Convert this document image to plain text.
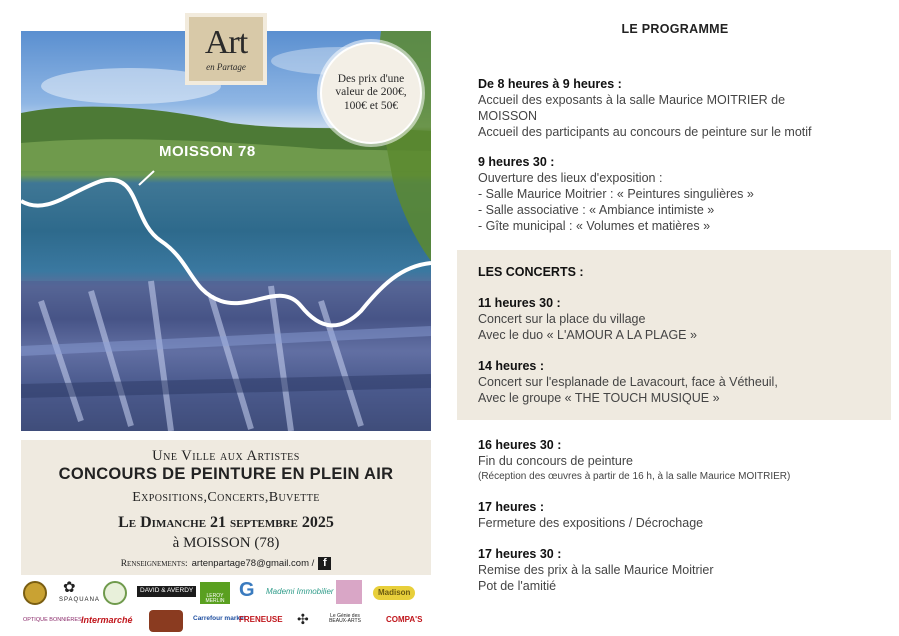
Art
en Partage
Des prix d'une valeur de 200€, 100€ et 50€
MOISSON 78
Une Ville aux Artistes
CONCOURS DE PEINTURE EN PLEIN AIR
Expositions,Concerts,Buvette
Le Dimanche 21 septembre 2025
à MOISSON (78)
Renseignements: artenpartage78@gmail.com / f
✿
SPAQUANA
DAVID & AVERDY
LEROY MERLIN G Mademi Immobilier	Madison
OPTIQUE BONNIÈRES Intermarché	Carrefour market
FRENEUSE ✣	Le Génie des BEAUX-ARTS	COMPA'S
LE PROGRAMME
De 8 heures à 9 heures :
Accueil des exposants à la salle Maurice MOITRIER de
MOISSON
Accueil des participants au concours de peinture sur le motif
9 heures 30 :
Ouverture des lieux d'exposition :
- Salle Maurice Moitrier : « Peintures singulières »
- Salle associative : « Ambiance intimiste »
- Gîte municipal : « Volumes et matières »
LES CONCERTS :
11 heures 30 :
Concert sur la place du village
Avec le duo « L'AMOUR A LA PLAGE »
14 heures :
Concert sur l'esplanade de Lavacourt, face à Vétheuil,
Avec le groupe « THE TOUCH MUSIQUE »
16 heures 30 :
Fin du concours de peinture
(Réception des œuvres à partir de 16 h, à la salle Maurice MOITRIER)
17 heures :
Fermeture des expositions / Décrochage
17 heures 30 :
Remise des prix à la salle Maurice Moitrier
Pot de l'amitié
